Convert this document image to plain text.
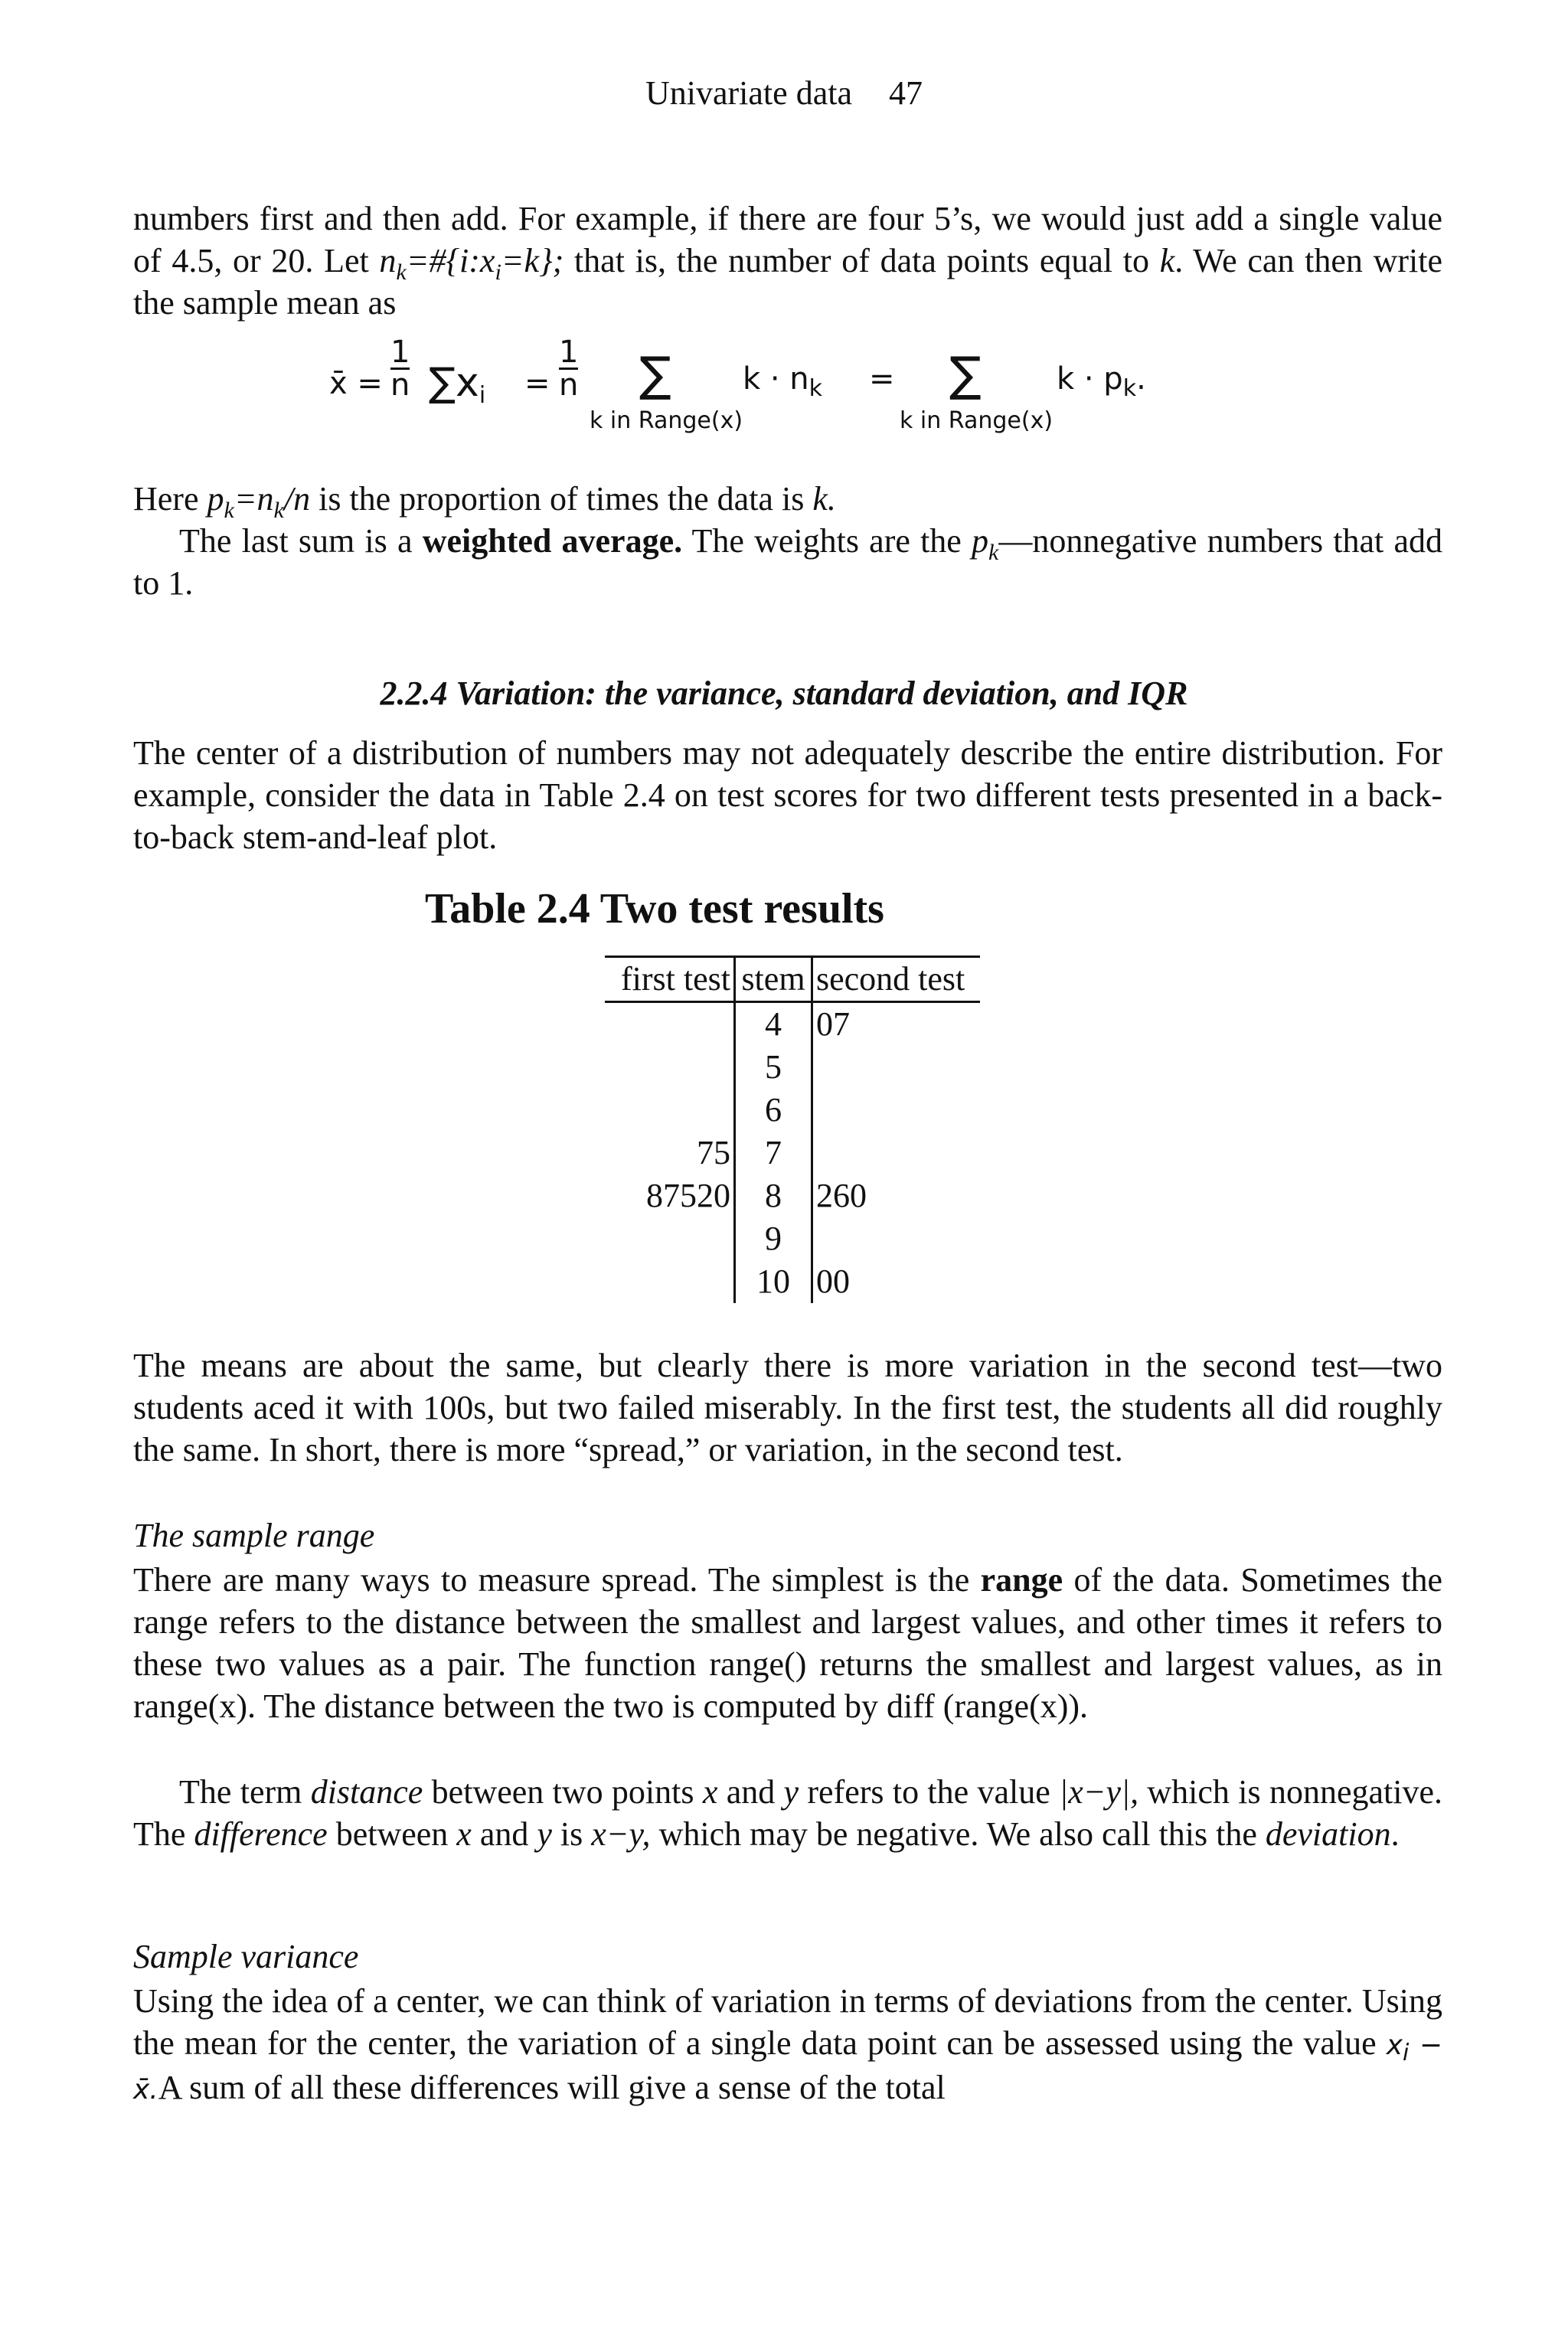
Univariate data 47

numbers first and then add. For example, if there are four 5’s, we would just add a single value of 4.5, or 20. Let $n_k=\#\{i:x_i=k\}$; that is, the number of data points equal to k. We can then write the sample mean as

x̄ = $\frac{1}{n} \sum x_i = \frac{1}{n}$ ∑
k in Range(x)
$k \cdot n_k$ = ∑
k in Range(x)
$k \cdot p_k$.

Here $p_k=n_k/n$ is the proportion of times the data is k.

The last sum is a weighted average. The weights are the $p_k—nonnegative$ numbers that add to 1.

2.2.4 Variation: the variance, standard deviation, and IQR

The center of a distribution of numbers may not adequately describe the entire distribution. For example, consider the data in Table 2.4 on test scores for two different tests presented in a back-to-back stem-and-leaf plot.

Table 2.4 Two test results
first test	stem	second test
	4	07
	5	
	6	
75	7	
87520	8	260
	9	
	10	00

The means are about the same, but clearly there is more variation in the second test—two students aced it with 100s, but two failed miserably. In the first test, the students all did roughly the same. In short, there is more “spread,” or variation, in the second test.

The sample range

There are many ways to measure spread. The simplest is the range of the data. Sometimes the range refers to the distance between the smallest and largest values, and other times it refers to these two values as a pair. The function range() returns the smallest and largest values, as in range(x). The distance between the two is computed by diff (range(x)).

The term distance between two points x and y refers to the value |x−y|, which is nonnegative. The difference between x and y is x−y, which may be negative. We also call this the deviation.

Sample variance

Using the idea of a center, we can think of variation in terms of deviations from the center. Using the mean for the center, the variation of a single data point can be assessed using the value $x_i$ − x̄.A sum of all these differences will give a sense of the total
